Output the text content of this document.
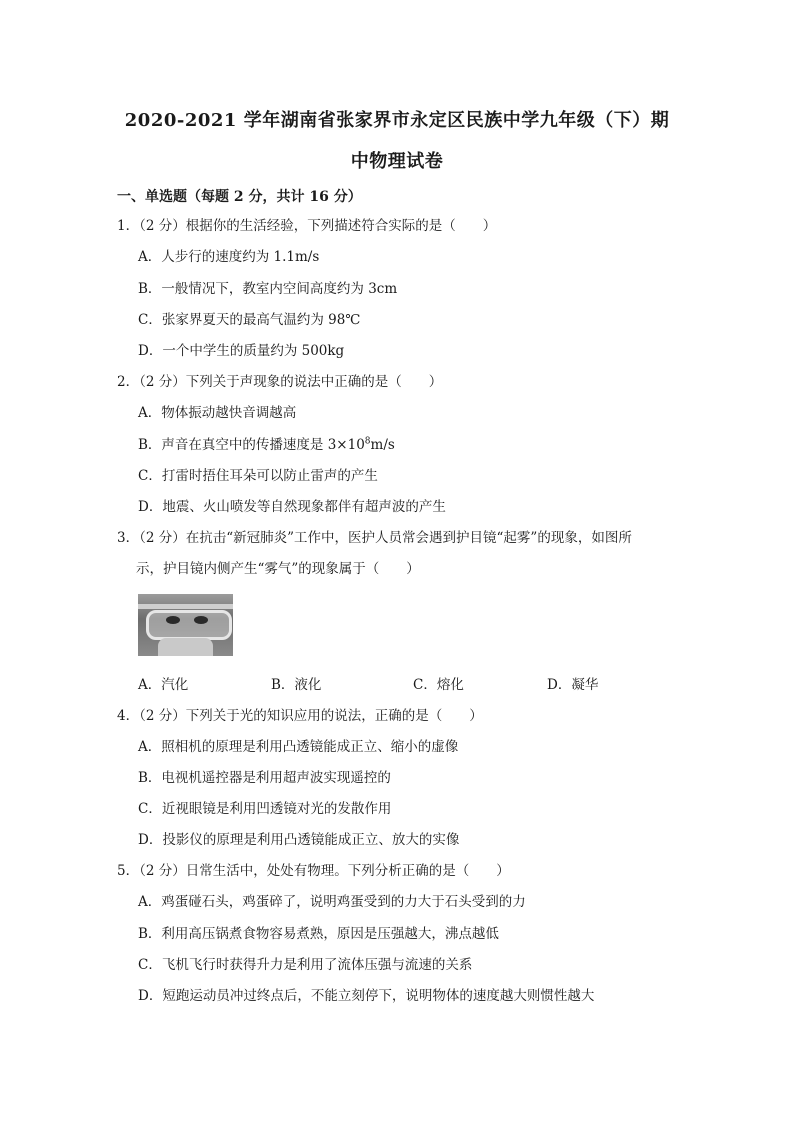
2020-2021 学年湖南省张家界市永定区民族中学九年级（下）期
中物理试卷
一、单选题（每题 2 分，共计 16 分）
1．（2 分）根据你的生活经验，下列描述符合实际的是（　　）
A．人步行的速度约为 1.1m/s
B．一般情况下，教室内空间高度约为 3cm
C．张家界夏天的最高气温约为 98℃
D．一个中学生的质量约为 500kg
2．（2 分）下列关于声现象的说法中正确的是（　　）
A．物体振动越快音调越高
B．声音在真空中的传播速度是 $3\times 10^8m/s$
C．打雷时捂住耳朵可以防止雷声的产生
D．地震、火山喷发等自然现象都伴有超声波的产生
3．（2 分）在抗击“新冠肺炎”工作中，医护人员常会遇到护目镜“起雾”的现象，如图所
示，护目镜内侧产生“雾气”的现象属于（　　）
A．汽化	B．液化	C．熔化	D．凝华
4．（2 分）下列关于光的知识应用的说法，正确的是（　　）
A．照相机的原理是利用凸透镜能成正立、缩小的虚像
B．电视机遥控器是利用超声波实现遥控的
C．近视眼镜是利用凹透镜对光的发散作用
D．投影仪的原理是利用凸透镜能成正立、放大的实像
5．（2 分）日常生活中，处处有物理。下列分析正确的是（　　）
A．鸡蛋碰石头，鸡蛋碎了，说明鸡蛋受到的力大于石头受到的力
B．利用高压锅煮食物容易煮熟，原因是压强越大，沸点越低
C．飞机飞行时获得升力是利用了流体压强与流速的关系
D．短跑运动员冲过终点后，不能立刻停下，说明物体的速度越大则惯性越大
